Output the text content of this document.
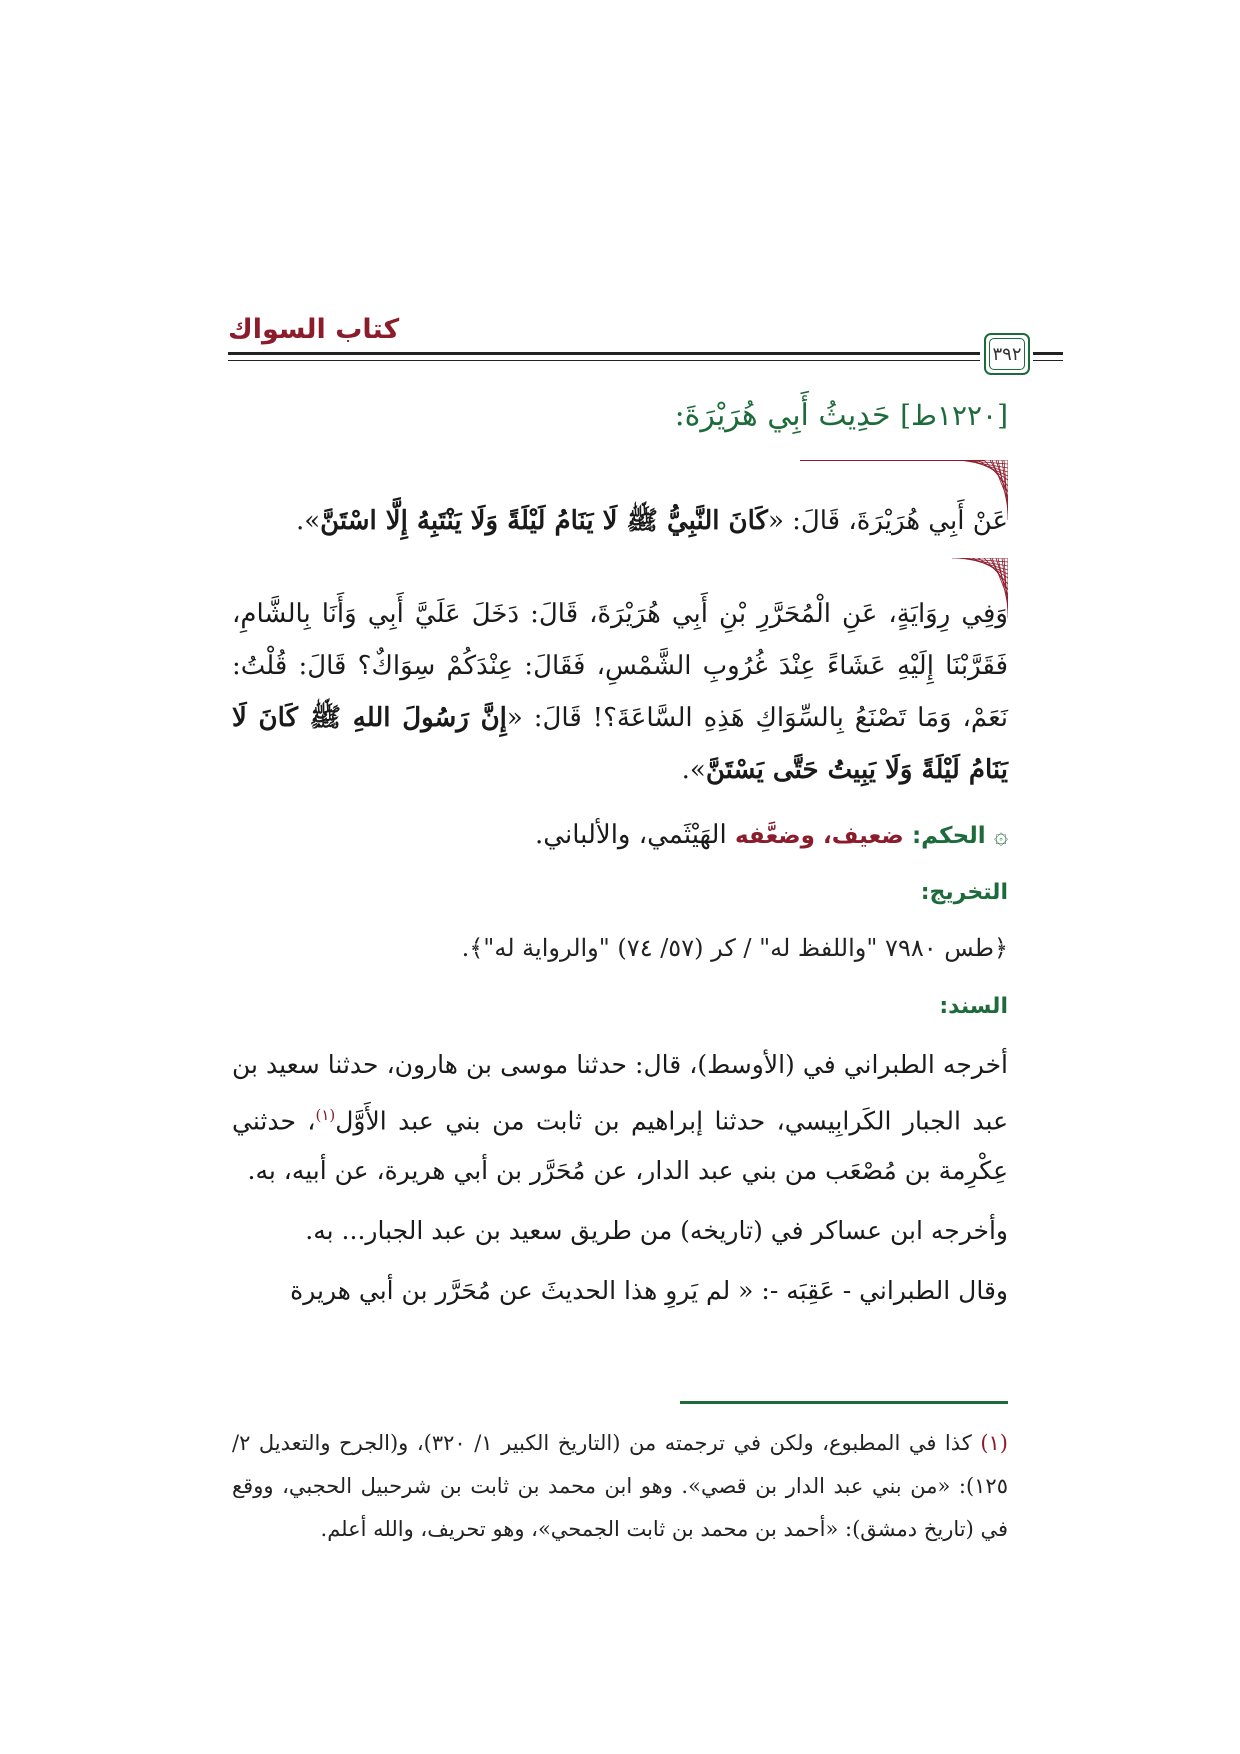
كتاب السواك
٣٩٢
[١٢٢٠ط] حَدِيثُ أَبِي هُرَيْرَةَ:
عَنْ أَبِي هُرَيْرَةَ، قَالَ: «كَانَ النَّبِيُّ ﷺ لَا يَنَامُ لَيْلَةً وَلَا يَنْتَبِهُ إِلَّا اسْتَنَّ».
وَفِي رِوَايَةٍ، عَنِ الْمُحَرَّرِ بْنِ أَبِي هُرَيْرَةَ، قَالَ: دَخَلَ عَلَيَّ أَبِي وَأَنَا بِالشَّامِ، فَقَرَّبْنَا إِلَيْهِ عَشَاءً عِنْدَ غُرُوبِ الشَّمْسِ، فَقَالَ: عِنْدَكُمْ سِوَاكٌ؟ قَالَ: قُلْتُ: نَعَمْ، وَمَا تَصْنَعُ بِالسِّوَاكِ هَذِهِ السَّاعَةَ؟! قَالَ: «إِنَّ رَسُولَ اللهِ ﷺ كَانَ لَا يَنَامُ لَيْلَةً وَلَا يَبِيتُ حَتَّى يَسْتَنَّ».
۞ الحكم: ضعيف، وضعَّفه الهَيْثَمي، والألباني.
التخريج:
﴿طس ٧٩٨٠ "واللفظ له" / كر (٥٧/ ٧٤) "والرواية له"﴾.
السند:

أخرجه الطبراني في (الأوسط)، قال: حدثنا موسى بن هارون، حدثنا سعيد بن عبد الجبار الكَرابِيسي، حدثنا إبراهيم بن ثابت من بني عبد الأَوَّل$^{(١)}$، حدثني عِكْرِمة بن مُصْعَب من بني عبد الدار، عن مُحَرَّر بن أبي هريرة، عن أبيه، به.

وأخرجه ابن عساكر في (تاريخه) من طريق سعيد بن عبد الجبار... به.

وقال الطبراني - عَقِبَه -: « لم يَروِ هذا الحديثَ عن مُحَرَّر بن أبي هريرة

(١) كذا في المطبوع، ولكن في ترجمته من (التاريخ الكبير ١/ ٣٢٠)، و(الجرح والتعديل ٢/ ١٢٥): «من بني عبد الدار بن قصي». وهو ابن محمد بن ثابت بن شرحبيل الحجبي، ووقع في (تاريخ دمشق): «أحمد بن محمد بن ثابت الجمحي»، وهو تحريف، والله أعلم.
